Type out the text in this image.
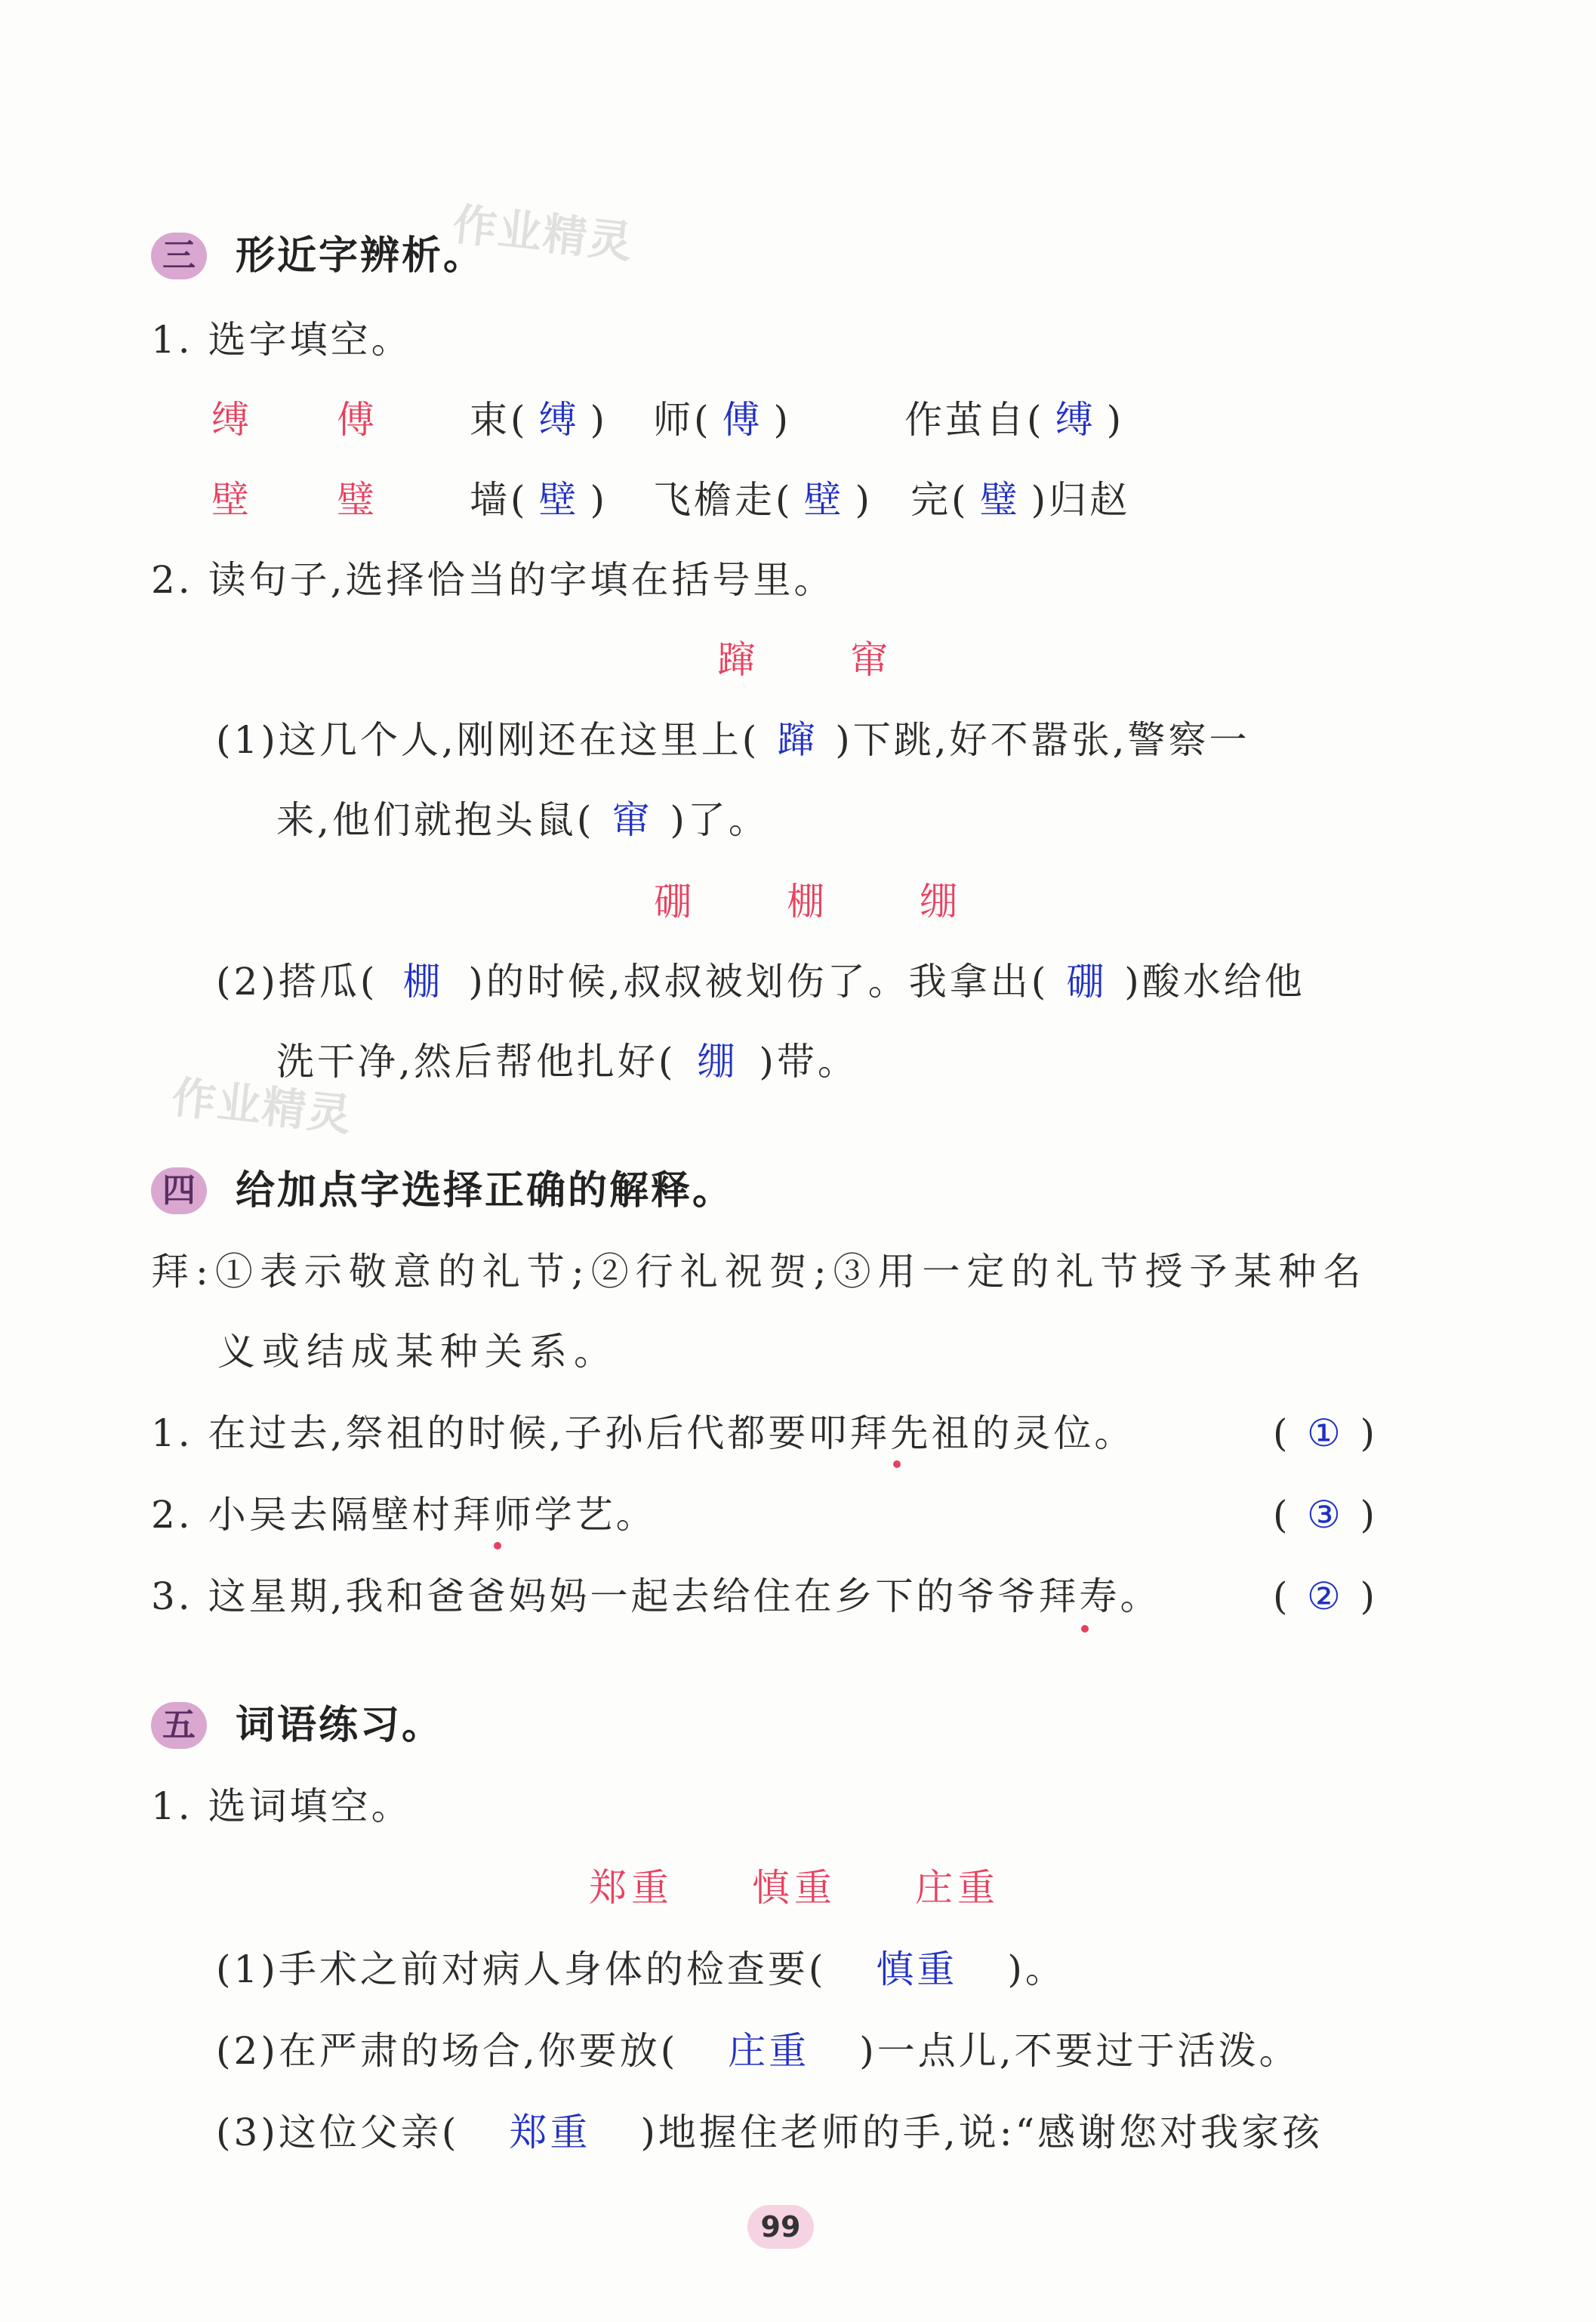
作业精灵
作业精灵
三 形近字辨析。
1. 选字填空。
缚 傅 束( 缚 ) 师( 傅 )	作茧自( 缚 )
壁 璧 墙( 壁 ) 飞檐走( 壁 ) 完( 璧 )归赵
2. 读句子,选择恰当的字填在括号里。
蹿 窜
(1)这几个人,刚刚还在这里上( 蹿 )下跳,好不嚣张,警察一
来,他们就抱头鼠( 窜 )了。
硼 棚 绷
(2)搭瓜( 棚 )的时候,叔叔被划伤了。我拿出( 硼 )酸水给他
洗干净,然后帮他扎好( 绷 )带。
四 给加点字选择正确的解释。
拜:①表示敬意的礼节;②行礼祝贺;③用一定的礼节授予某种名
义或结成某种关系。
1. 在过去,祭祖的时候,子孙后代都要叩拜先祖的灵位。	( ① )
2. 小吴去隔壁村拜师学艺。	( ③ )
3. 这星期,我和爸爸妈妈一起去给住在乡下的爷爷拜寿。	( ② )
五 词语练习。
1. 选词填空。
郑重 慎重 庄重
(1)手术之前对病人身体的检查要( 慎重 )。
(2)在严肃的场合,你要放( 庄重 )一点儿,不要过于活泼。
(3)这位父亲( 郑重 )地握住老师的手,说:“感谢您对我家孩
99
